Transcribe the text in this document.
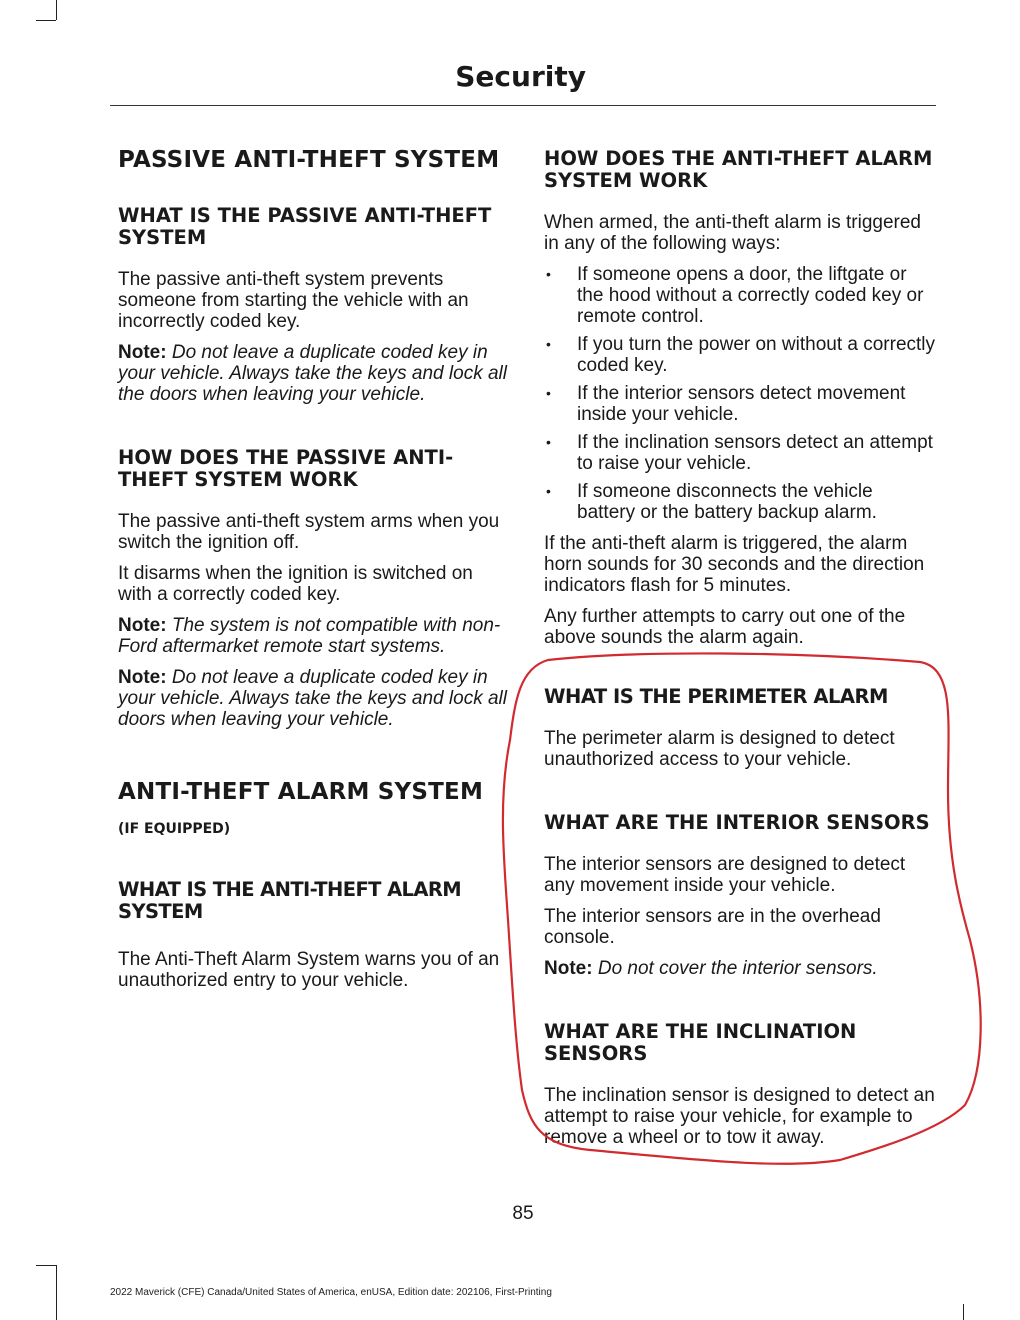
Security
PASSIVE ANTI-THEFT SYSTEM
WHAT IS THE PASSIVE ANTI-THEFT SYSTEM

The passive anti-theft system prevents someone from starting the vehicle with an incorrectly coded key.

Note: Do not leave a duplicate coded key in your vehicle. Always take the keys and lock all the doors when leaving your vehicle.

HOW DOES THE PASSIVE ANTI-THEFT SYSTEM WORK

The passive anti-theft system arms when you switch the ignition off.

It disarms when the ignition is switched on with a correctly coded key.

Note: The system is not compatible with non-Ford aftermarket remote start systems.

Note: Do not leave a duplicate coded key in your vehicle. Always take the keys and lock all doors when leaving your vehicle.

ANTI-THEFT ALARM SYSTEM
(IF EQUIPPED)
WHAT IS THE ANTI-THEFT ALARM SYSTEM

The Anti-Theft Alarm System warns you of an unauthorized entry to your vehicle.

HOW DOES THE ANTI-THEFT ALARM SYSTEM WORK

When armed, the anti-theft alarm is triggered in any of the following ways:

• If someone opens a door, the liftgate or the hood without a correctly coded key or remote control.
• If you turn the power on without a correctly coded key.
• If the interior sensors detect movement inside your vehicle.
• If the inclination sensors detect an attempt to raise your vehicle.
• If someone disconnects the vehicle battery or the battery backup alarm.

If the anti-theft alarm is triggered, the alarm horn sounds for 30 seconds and the direction indicators flash for 5 minutes.

Any further attempts to carry out one of the above sounds the alarm again.

WHAT IS THE PERIMETER ALARM

The perimeter alarm is designed to detect unauthorized access to your vehicle.

WHAT ARE THE INTERIOR SENSORS

The interior sensors are designed to detect any movement inside your vehicle.

The interior sensors are in the overhead console.

Note: Do not cover the interior sensors.

WHAT ARE THE INCLINATION SENSORS

The inclination sensor is designed to detect an attempt to raise your vehicle, for example to remove a wheel or to tow it away.

85
2022 Maverick (CFE) Canada/United States of America, enUSA, Edition date: 202106, First-Printing
